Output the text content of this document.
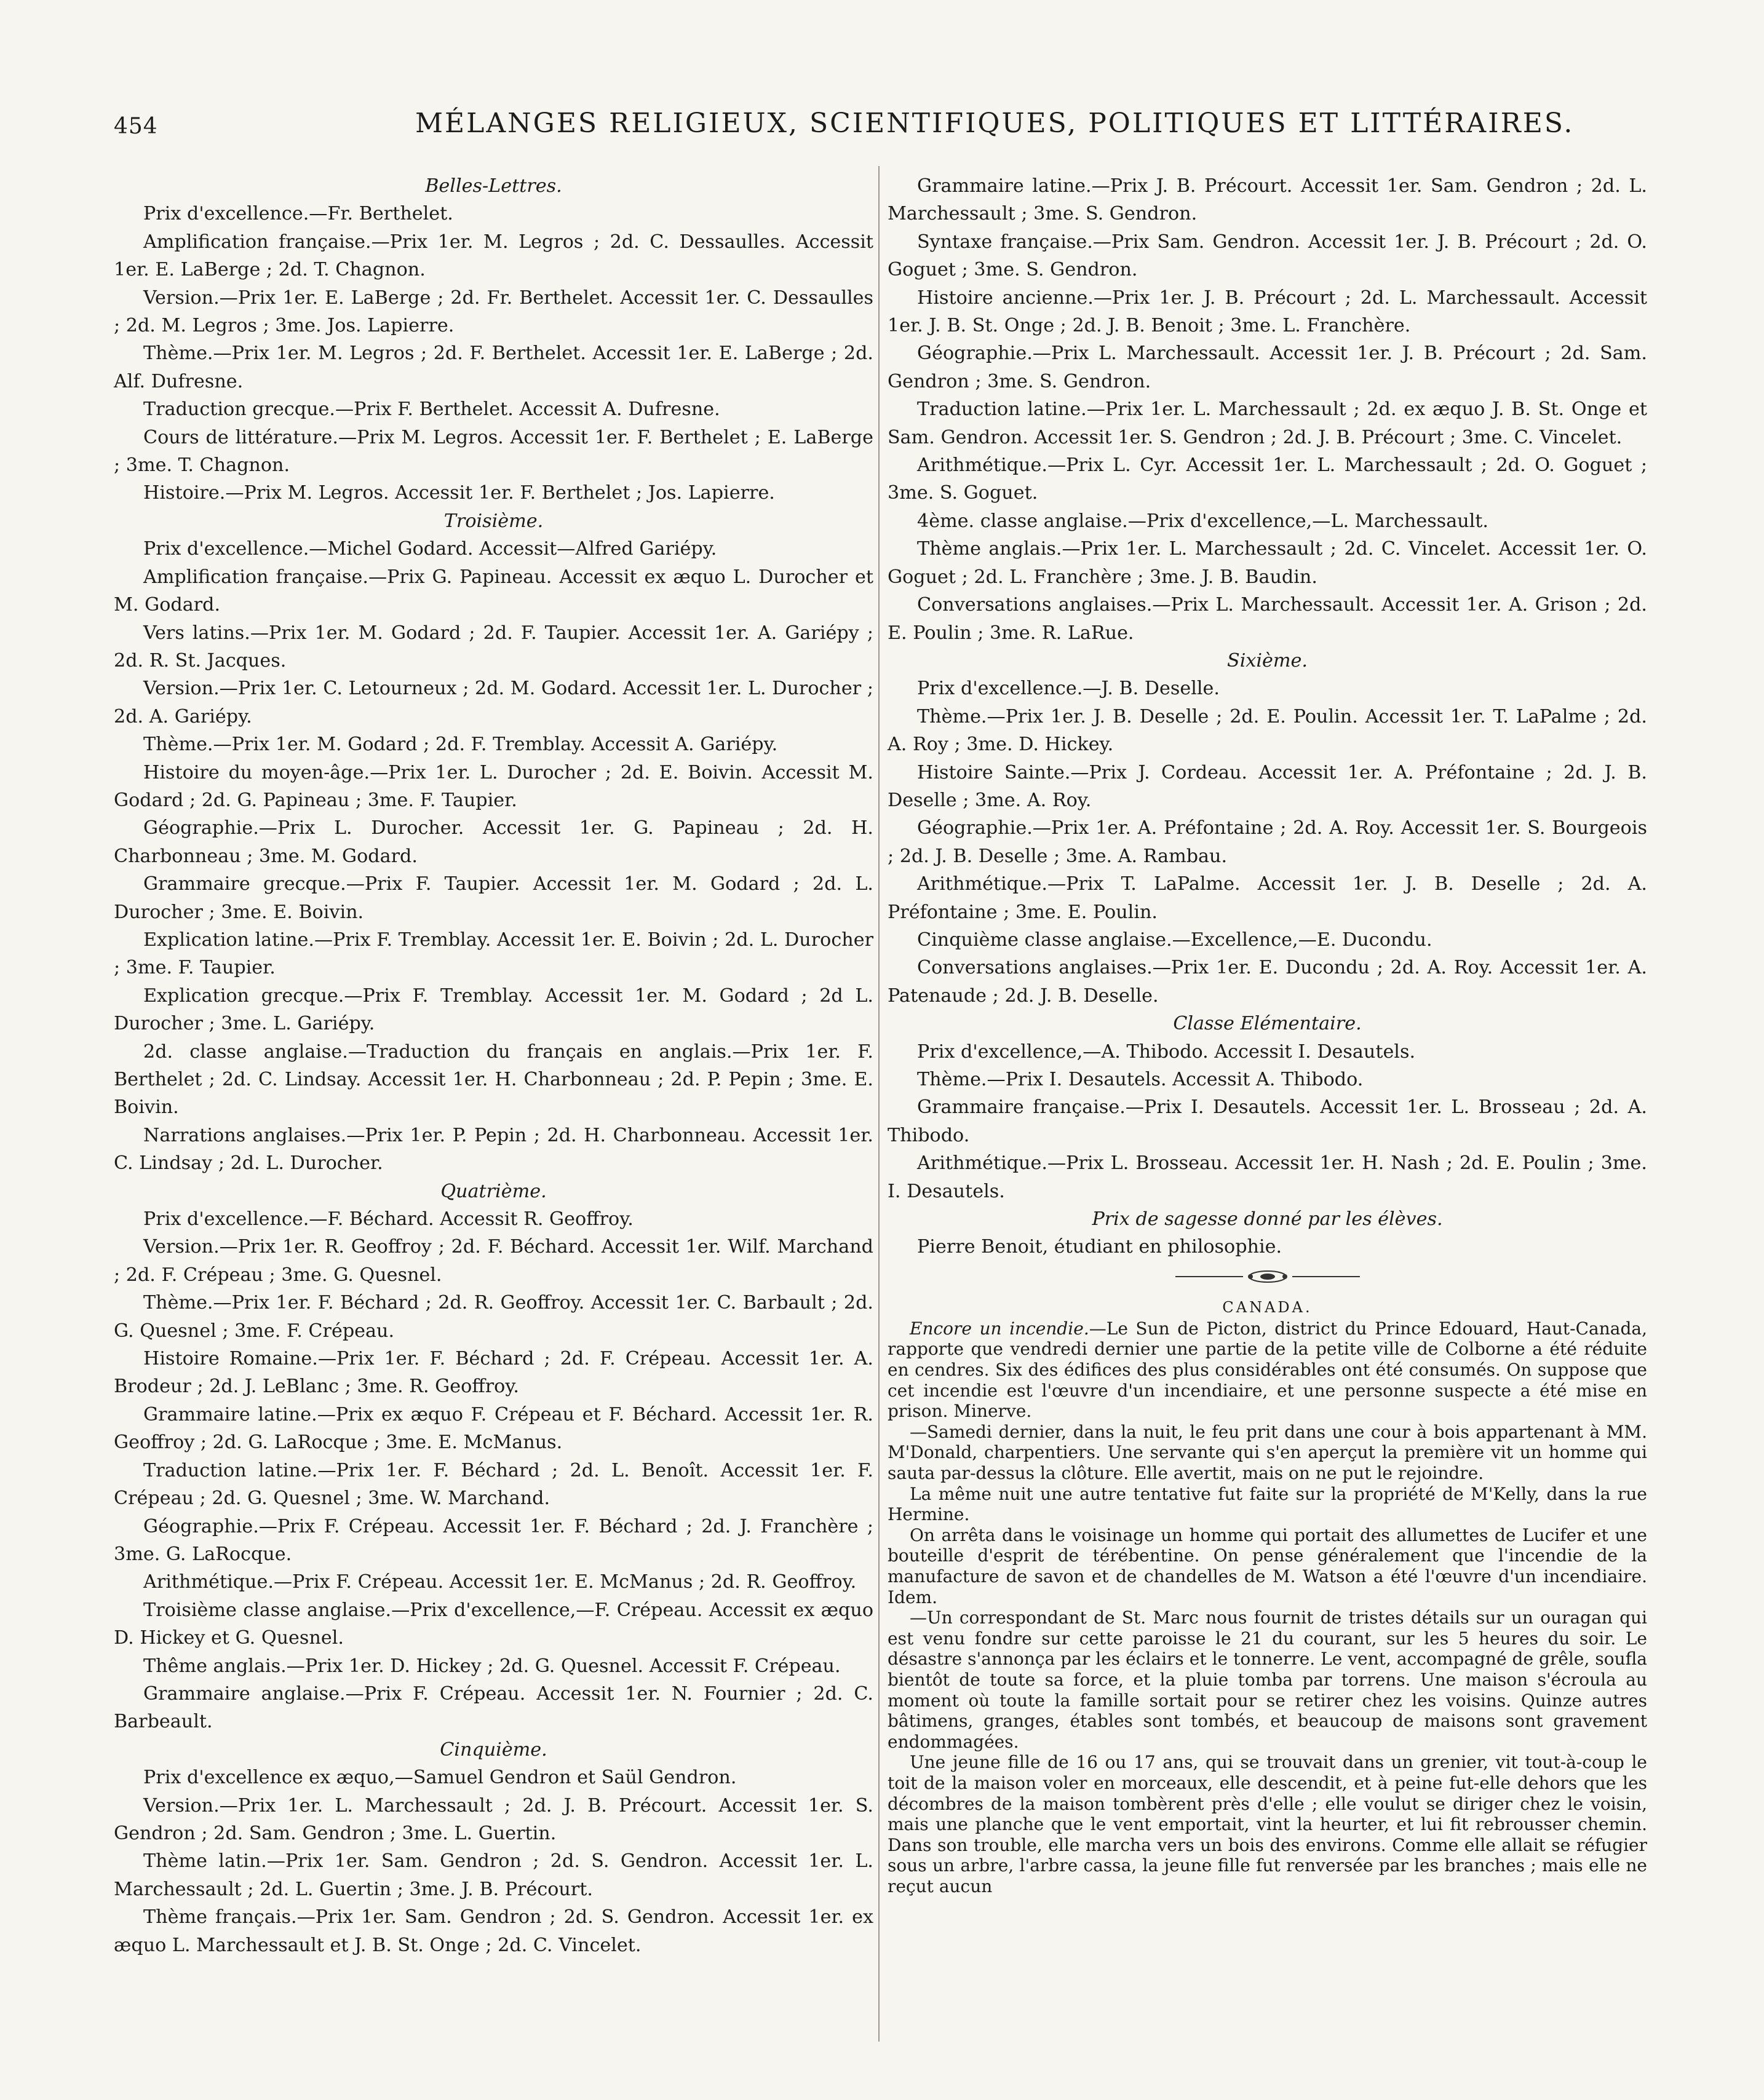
454	MÉLANGES RELIGIEUX, SCIENTIFIQUES, POLITIQUES ET LITTÉRAIRES.

Belles-Lettres.

Prix d'excellence.—Fr. Berthelet.

Amplification française.—Prix 1er. M. Legros ; 2d. C. Dessaulles. Accessit 1er. E. LaBerge ; 2d. T. Chagnon.

Version.—Prix 1er. E. LaBerge ; 2d. Fr. Berthelet. Accessit 1er. C. Dessaulles ; 2d. M. Legros ; 3me. Jos. Lapierre.

Thème.—Prix 1er. M. Legros ; 2d. F. Berthelet. Accessit 1er. E. LaBerge ; 2d. Alf. Dufresne.

Traduction grecque.—Prix F. Berthelet. Accessit A. Dufresne.

Cours de littérature.—Prix M. Legros. Accessit 1er. F. Berthelet ; E. LaBerge ; 3me. T. Chagnon.

Histoire.—Prix M. Legros. Accessit 1er. F. Berthelet ; Jos. Lapierre.

Troisième.

Prix d'excellence.—Michel Godard. Accessit—Alfred Gariépy.

Amplification française.—Prix G. Papineau. Accessit ex æquo L. Durocher et M. Godard.

Vers latins.—Prix 1er. M. Godard ; 2d. F. Taupier. Accessit 1er. A. Gariépy ; 2d. R. St. Jacques.

Version.—Prix 1er. C. Letourneux ; 2d. M. Godard. Accessit 1er. L. Durocher ; 2d. A. Gariépy.

Thème.—Prix 1er. M. Godard ; 2d. F. Tremblay. Accessit A. Gariépy.

Histoire du moyen-âge.—Prix 1er. L. Durocher ; 2d. E. Boivin. Accessit M. Godard ; 2d. G. Papineau ; 3me. F. Taupier.

Géographie.—Prix L. Durocher. Accessit 1er. G. Papineau ; 2d. H. Charbonneau ; 3me. M. Godard.

Grammaire grecque.—Prix F. Taupier. Accessit 1er. M. Godard ; 2d. L. Durocher ; 3me. E. Boivin.

Explication latine.—Prix F. Tremblay. Accessit 1er. E. Boivin ; 2d. L. Durocher ; 3me. F. Taupier.

Explication grecque.—Prix F. Tremblay. Accessit 1er. M. Godard ; 2d L. Durocher ; 3me. L. Gariépy.

2d. classe anglaise.—Traduction du français en anglais.—Prix 1er. F. Berthelet ; 2d. C. Lindsay. Accessit 1er. H. Charbonneau ; 2d. P. Pepin ; 3me. E. Boivin.

Narrations anglaises.—Prix 1er. P. Pepin ; 2d. H. Charbonneau. Accessit 1er. C. Lindsay ; 2d. L. Durocher.

Quatrième.

Prix d'excellence.—F. Béchard. Accessit R. Geoffroy.

Version.—Prix 1er. R. Geoffroy ; 2d. F. Béchard. Accessit 1er. Wilf. Marchand ; 2d. F. Crépeau ; 3me. G. Quesnel.

Thème.—Prix 1er. F. Béchard ; 2d. R. Geoffroy. Accessit 1er. C. Barbault ; 2d. G. Quesnel ; 3me. F. Crépeau.

Histoire Romaine.—Prix 1er. F. Béchard ; 2d. F. Crépeau. Accessit 1er. A. Brodeur ; 2d. J. LeBlanc ; 3me. R. Geoffroy.

Grammaire latine.—Prix ex æquo F. Crépeau et F. Béchard. Accessit 1er. R. Geoffroy ; 2d. G. LaRocque ; 3me. E. McManus.

Traduction latine.—Prix 1er. F. Béchard ; 2d. L. Benoît. Accessit 1er. F. Crépeau ; 2d. G. Quesnel ; 3me. W. Marchand.

Géographie.—Prix F. Crépeau. Accessit 1er. F. Béchard ; 2d. J. Franchère ; 3me. G. LaRocque.

Arithmétique.—Prix F. Crépeau. Accessit 1er. E. McManus ; 2d. R. Geoffroy.

Troisième classe anglaise.—Prix d'excellence,—F. Crépeau. Accessit ex æquo D. Hickey et G. Quesnel.

Thême anglais.—Prix 1er. D. Hickey ; 2d. G. Quesnel. Accessit F. Crépeau.

Grammaire anglaise.—Prix F. Crépeau. Accessit 1er. N. Fournier ; 2d. C. Barbeault.

Cinquième.

Prix d'excellence ex æquo,—Samuel Gendron et Saül Gendron.

Version.—Prix 1er. L. Marchessault ; 2d. J. B. Précourt. Accessit 1er. S. Gendron ; 2d. Sam. Gendron ; 3me. L. Guertin.

Thème latin.—Prix 1er. Sam. Gendron ; 2d. S. Gendron. Accessit 1er. L. Marchessault ; 2d. L. Guertin ; 3me. J. B. Précourt.

Thème français.—Prix 1er. Sam. Gendron ; 2d. S. Gendron. Accessit 1er. ex æquo L. Marchessault et J. B. St. Onge ; 2d. C. Vincelet.

Grammaire latine.—Prix J. B. Précourt. Accessit 1er. Sam. Gendron ; 2d. L. Marchessault ; 3me. S. Gendron.

Syntaxe française.—Prix Sam. Gendron. Accessit 1er. J. B. Précourt ; 2d. O. Goguet ; 3me. S. Gendron.

Histoire ancienne.—Prix 1er. J. B. Précourt ; 2d. L. Marchessault. Accessit 1er. J. B. St. Onge ; 2d. J. B. Benoit ; 3me. L. Franchère.

Géographie.—Prix L. Marchessault. Accessit 1er. J. B. Précourt ; 2d. Sam. Gendron ; 3me. S. Gendron.

Traduction latine.—Prix 1er. L. Marchessault ; 2d. ex æquo J. B. St. Onge et Sam. Gendron. Accessit 1er. S. Gendron ; 2d. J. B. Précourt ; 3me. C. Vincelet.

Arithmétique.—Prix L. Cyr. Accessit 1er. L. Marchessault ; 2d. O. Goguet ; 3me. S. Goguet.

4ème. classe anglaise.—Prix d'excellence,—L. Marchessault.

Thème anglais.—Prix 1er. L. Marchessault ; 2d. C. Vincelet. Accessit 1er. O. Goguet ; 2d. L. Franchère ; 3me. J. B. Baudin.

Conversations anglaises.—Prix L. Marchessault. Accessit 1er. A. Grison ; 2d. E. Poulin ; 3me. R. LaRue.

Sixième.

Prix d'excellence.—J. B. Deselle.

Thème.—Prix 1er. J. B. Deselle ; 2d. E. Poulin. Accessit 1er. T. LaPalme ; 2d. A. Roy ; 3me. D. Hickey.

Histoire Sainte.—Prix J. Cordeau. Accessit 1er. A. Préfontaine ; 2d. J. B. Deselle ; 3me. A. Roy.

Géographie.—Prix 1er. A. Préfontaine ; 2d. A. Roy. Accessit 1er. S. Bourgeois ; 2d. J. B. Deselle ; 3me. A. Rambau.

Arithmétique.—Prix T. LaPalme. Accessit 1er. J. B. Deselle ; 2d. A. Préfontaine ; 3me. E. Poulin.

Cinquième classe anglaise.—Excellence,—E. Ducondu.

Conversations anglaises.—Prix 1er. E. Ducondu ; 2d. A. Roy. Accessit 1er. A. Patenaude ; 2d. J. B. Deselle.

Classe Elémentaire.

Prix d'excellence,—A. Thibodo. Accessit I. Desautels.

Thème.—Prix I. Desautels. Accessit A. Thibodo.

Grammaire française.—Prix I. Desautels. Accessit 1er. L. Brosseau ; 2d. A. Thibodo.

Arithmétique.—Prix L. Brosseau. Accessit 1er. H. Nash ; 2d. E. Poulin ; 3me. I. Desautels.

Prix de sagesse donné par les élèves.

Pierre Benoit, étudiant en philosophie.

CANADA.

Encore un incendie.—Le Sun de Picton, district du Prince Edouard, Haut-Canada, rapporte que vendredi dernier une partie de la petite ville de Colborne a été réduite en cendres. Six des édifices des plus considérables ont été consumés. On suppose que cet incendie est l'œuvre d'un incendiaire, et une personne suspecte a été mise en prison. Minerve.

—Samedi dernier, dans la nuit, le feu prit dans une cour à bois appartenant à MM. M'Donald, charpentiers. Une servante qui s'en aperçut la première vit un homme qui sauta par-dessus la clôture. Elle avertit, mais on ne put le rejoindre.

La même nuit une autre tentative fut faite sur la propriété de M'Kelly, dans la rue Hermine.

On arrêta dans le voisinage un homme qui portait des allumettes de Lucifer et une bouteille d'esprit de térébentine. On pense généralement que l'incendie de la manufacture de savon et de chandelles de M. Watson a été l'œuvre d'un incendiaire. Idem.

—Un correspondant de St. Marc nous fournit de tristes détails sur un ouragan qui est venu fondre sur cette paroisse le 21 du courant, sur les 5 heures du soir. Le désastre s'annonça par les éclairs et le tonnerre. Le vent, accompagné de grêle, soufla bientôt de toute sa force, et la pluie tomba par torrens. Une maison s'écroula au moment où toute la famille sortait pour se retirer chez les voisins. Quinze autres bâtimens, granges, étables sont tombés, et beaucoup de maisons sont gravement endommagées.

Une jeune fille de 16 ou 17 ans, qui se trouvait dans un grenier, vit tout-à-coup le toit de la maison voler en morceaux, elle descendit, et à peine fut-elle dehors que les décombres de la maison tombèrent près d'elle ; elle voulut se diriger chez le voisin, mais une planche que le vent emportait, vint la heurter, et lui fit rebrousser chemin. Dans son trouble, elle marcha vers un bois des environs. Comme elle allait se réfugier sous un arbre, l'arbre cassa, la jeune fille fut renversée par les branches ; mais elle ne reçut aucun
